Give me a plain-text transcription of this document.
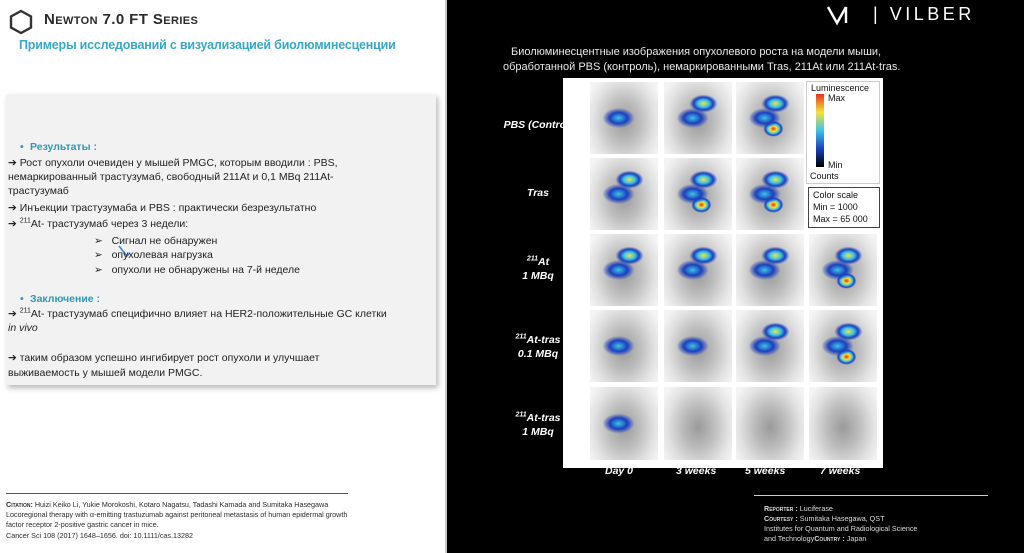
Newton 7.0 FT Series
Примеры исследований с визуализацией биолюминесценции
• Результаты :
➔ Рост опухоли очевиден у мышей PMGC, которым вводили : PBS,
немаркированный трастузумаб, свободный 211At и 0,1 MBq 211At-
трастузумаб
➔ Инъекции трастузумаба и PBS : практически безрезультатно
➔ $^{211}$At- трастузумаб через 3 недели:
➢ Сигнал не обнаружен
➢ опухолевая нагрузка
➢ опухоли не обнаружены на 7-й неделе
• Заключение :
➔ $^{211}$At- трастузумаб специфично влияет на HER2-положительные GC клетки
in vivo
➔ таким образом успешно ингибирует рост опухоли и улучшает
выживаемость у мышей модели PMGC.
Citation: Huizi Keiko Li, Yukie Morokoshi, Kotaro Nagatsu, Tadashi Kamada and Sumitaka Hasegawa
Locoregional therapy with α-emitting trastuzumab against peritoneal metastasis of human epidermal growth
factor receptor 2-positive gastric cancer in mice.
Cancer Sci 108 (2017) 1648–1656. doi: 10.1111/cas.13282
| VILBER
Биолюминесцентные изображения опухолевого роста на модели мыши,
обработанной PBS (контроль), немаркированными Tras, 211At или 211At-tras.
PBS (Control)
Tras
$^{211}$At
1 MBq
$^{211}$At-tras
0.1 MBq
$^{211}$At-tras
1 MBq
Day 0	3 weeks	5 weeks	7 weeks
Luminescence
Max
Min
Counts
Color scale
Min = 1000
Max = 65 000
Reporter : Luciferase
Courtesy : Sumitaka Hasegawa, QST
Institutes for Quantum and Radiological Science
and TechnologyCountry : Japan
